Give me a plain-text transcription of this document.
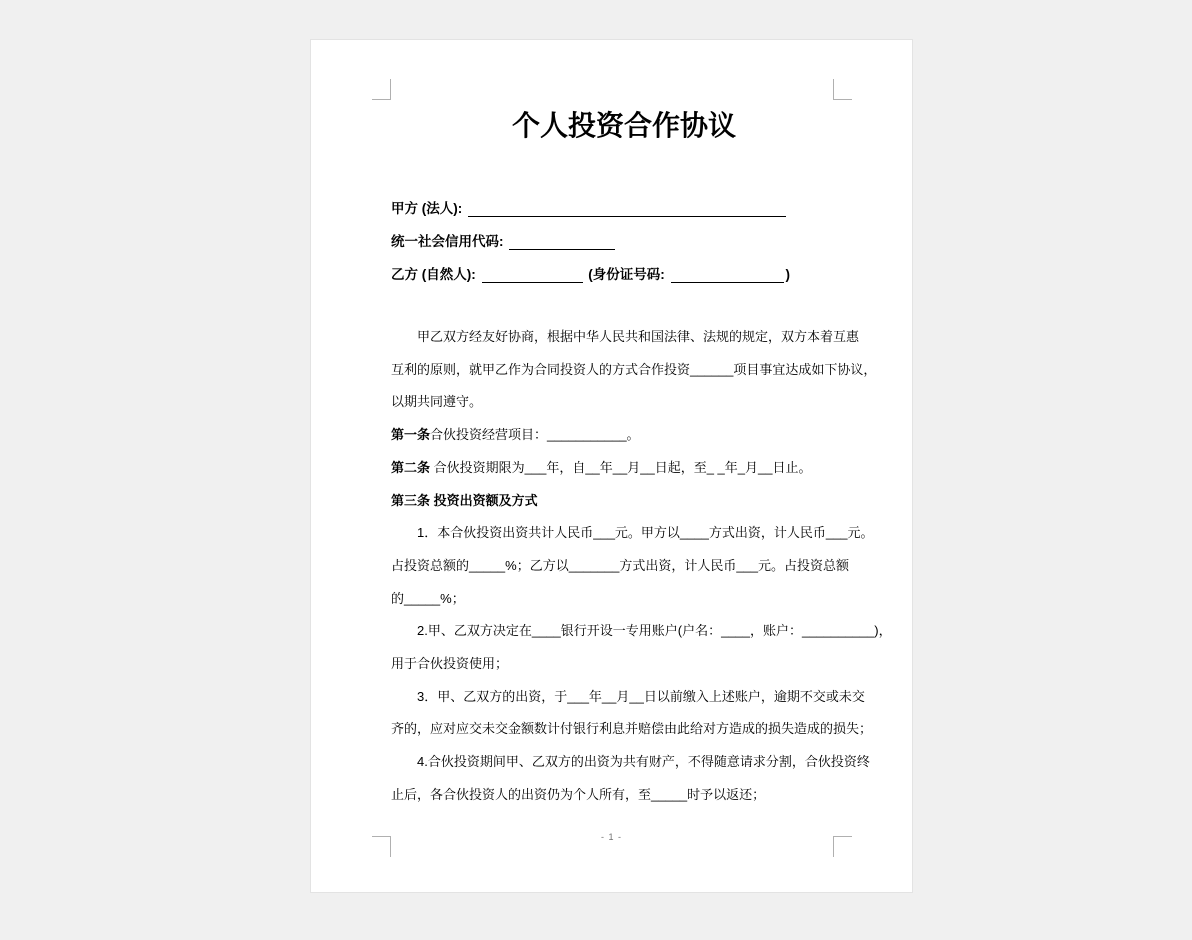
个人投资合作协议
甲方 (法人):
统一社会信用代码:
乙方 (自然人):	(身份证号码:	)
甲乙双方经友好协商，根据中华人民共和国法律、法规的规定，双方本着互惠
互利的原则，就甲乙作为合同投资人的方式合作投资______项目事宜达成如下协议，
以期共同遵守。
第一条合伙投资经营项目：___________。
第二条 合伙投资期限为___年，自__年__月__日起，至_ _年_月__日止。
第三条 投资出资额及方式
1．本合伙投资出资共计人民币___元。甲方以____方式出资，计人民币___元。
占投资总额的_____%；乙方以_______方式出资，计人民币___元。占投资总额
的_____%；
2.甲、乙双方决定在____银行开设一专用账户(户名：____，账户：__________)，
用于合伙投资使用；
3．甲、乙双方的出资，于___年__月__日以前缴入上述账户，逾期不交或未交
齐的，应对应交未交金额数计付银行利息并赔偿由此给对方造成的损失造成的损失；
4.合伙投资期间甲、乙双方的出资为共有财产，不得随意请求分割，合伙投资终
止后，各合伙投资人的出资仍为个人所有，至_____时予以返还；
- 1 -
